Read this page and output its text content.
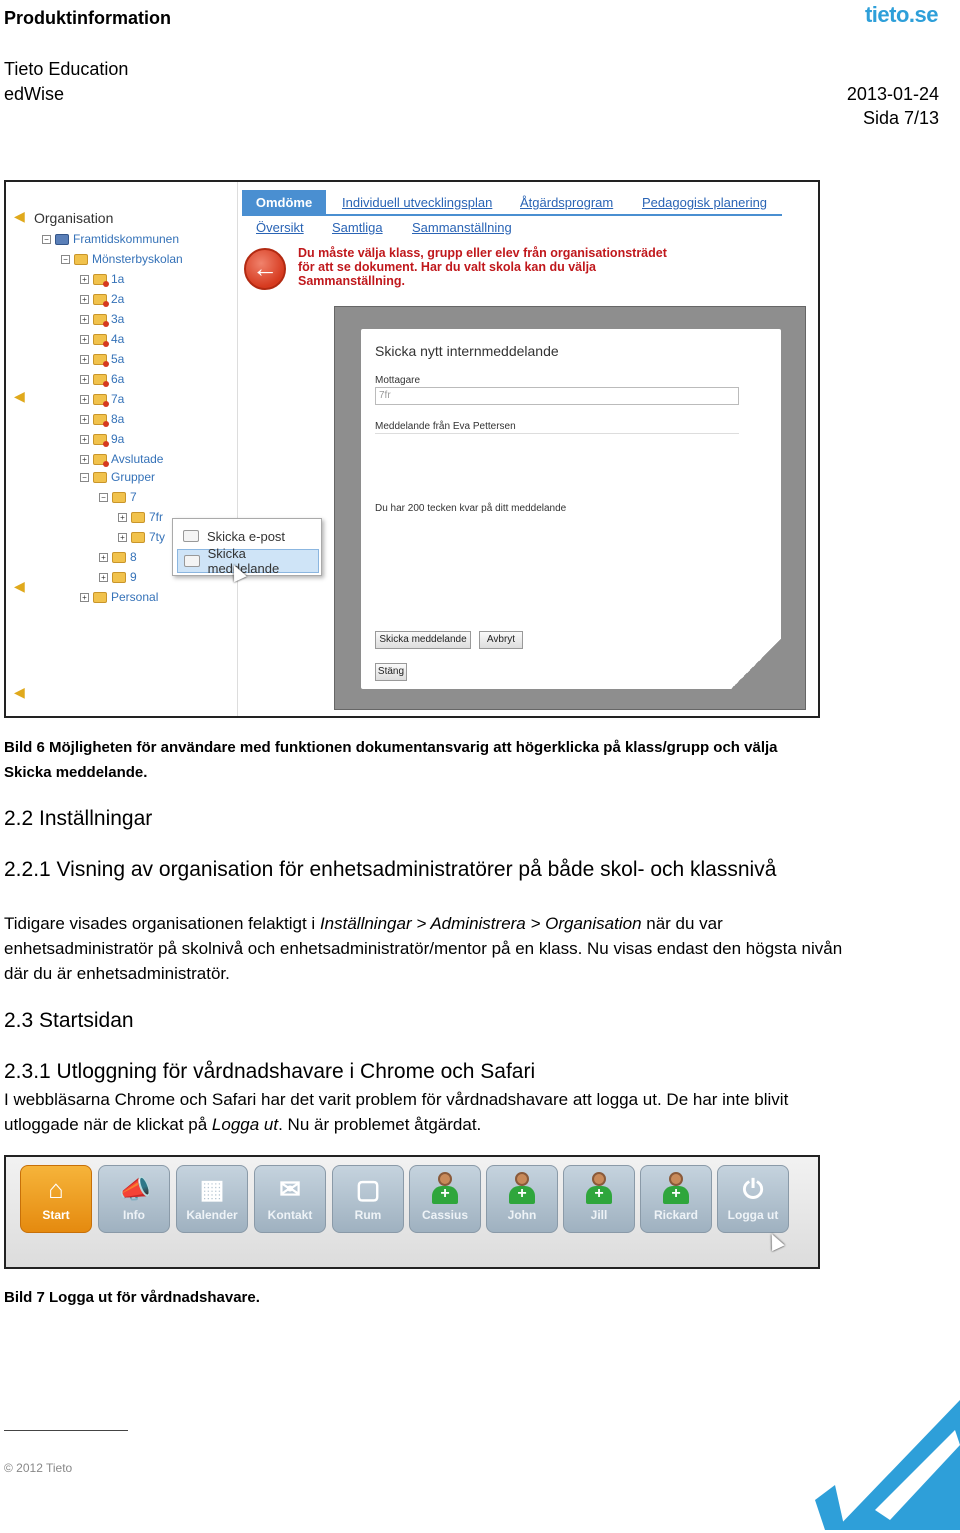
Produktinformation	tieto.se
Tieto Education
edWise	2013-01-24
Sida 7/13
◀
◀
◀
◀
Organisation
− Framtidskommunen
− Mönsterbyskolan
+ 1a
+ 2a
+ 3a
+ 4a
+ 5a
+ 6a
+ 7a
+ 8a
+ 9a
+ Avslutade
− Grupper
− 7
+ 7fr
+ 7ty
+ 8
+ 9
+ Personal
Omdöme	Individuell utvecklingsplan Åtgärdsprogram Pedagogisk planering
Översikt Samtliga Sammanställning
←	Du måste välja klass, grupp eller elev från organisationsträdet för att se dokument. Har du valt skola kan du välja Sammanställning.
Skicka nytt internmeddelande
Mottagare
7fr
Meddelande från Eva Pettersen
Du har 200 tecken kvar på ditt meddelande
Skicka meddelande	Avbryt
Stäng
Skicka e-post
Skicka meddelande
Bild 6 Möjligheten för användare med funktionen dokumentansvarig att högerklicka på klass/grupp och välja Skicka meddelande.
2.2 Inställningar
2.2.1 Visning av organisation för enhetsadministratörer på både skol- och klassnivå
Tidigare visades organisationen felaktigt i Inställningar > Administrera > Organisation när du var enhetsadministratör på skolnivå och enhetsadministratör/mentor på en klass. Nu visas endast den högsta nivån där du är enhetsadministratör.
2.3 Startsidan
2.3.1 Utloggning för vårdnadshavare i Chrome och Safari
I webbläsarna Chrome och Safari har det varit problem för vårdnadshavare att logga ut. De har inte blivit utloggade när de klickat på Logga ut. Nu är problemet åtgärdat.
⌂
Start
📣
Info
▦
Kalender
✉
Kontakt
▢
Rum
+
Cassius
+
John
+
Jill
+
Rickard
⏻
Logga ut
Bild 7 Logga ut för vårdnadshavare.
© 2012 Tieto
